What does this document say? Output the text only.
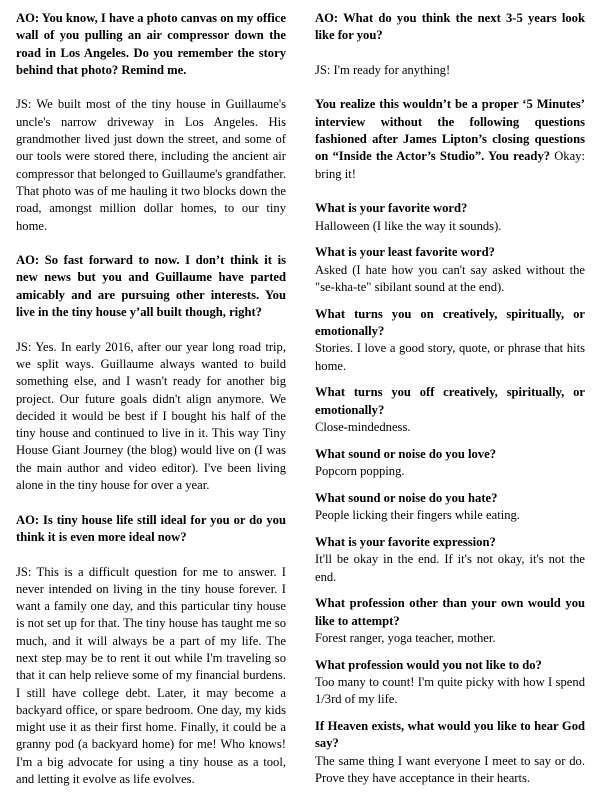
AO: You know, I have a photo canvas on my office wall of you pulling an air compressor down the road in Los Angeles. Do you remember the story behind that photo? Remind me.

JS: We built most of the tiny house in Guillaume's uncle's narrow driveway in Los Angeles. His grandmother lived just down the street, and some of our tools were stored there, including the ancient air compressor that belonged to Guillaume's grandfather. That photo was of me hauling it two blocks down the road, amongst million dollar homes, to our tiny home.

AO: So fast forward to now. I don’t think it is new news but you and Guillaume have parted amicably and are pursuing other interests. You live in the tiny house y’all built though, right?

JS: Yes. In early 2016, after our year long road trip, we split ways. Guillaume always wanted to build something else, and I wasn't ready for another big project. Our future goals didn't align anymore. We decided it would be best if I bought his half of the tiny house and continued to live in it. This way Tiny House Giant Journey (the blog) would live on (I was the main author and video editor). I've been living alone in the tiny house for over a year.

AO: Is tiny house life still ideal for you or do you think it is even more ideal now?

JS: This is a difficult question for me to answer. I never intended on living in the tiny house forever. I want a family one day, and this particular tiny house is not set up for that. The tiny house has taught me so much, and it will always be a part of my life. The next step may be to rent it out while I'm traveling so that it can help relieve some of my financial burdens. I still have college debt. Later, it may become a backyard office, or spare bedroom. One day, my kids might use it as their first home. Finally, it could be a granny pod (a backyard home) for me! Who knows! I'm a big advocate for using a tiny house as a tool, and letting it evolve as life evolves.

AO: What do you think the next 3-5 years look like for you?

JS: I'm ready for anything!

You realize this wouldn’t be a proper ‘5 Minutes’ interview without the following questions fashioned after James Lipton’s closing questions on “Inside the Actor’s Studio”. You ready? Okay: bring it!

What is your favorite word?
Halloween (I like the way it sounds).
What is your least favorite word?
Asked (I hate how you can't say asked without the "se-kha-te" sibilant sound at the end).
What turns you on creatively, spiritually, or emotionally?
Stories. I love a good story, quote, or phrase that hits home.
What turns you off creatively, spiritually, or emotionally?
Close-mindedness.
What sound or noise do you love?
Popcorn popping.
What sound or noise do you hate?
People licking their fingers while eating.
What is your favorite expression?
It'll be okay in the end. If it's not okay, it's not the end.
What profession other than your own would you like to attempt?
Forest ranger, yoga teacher, mother.
What profession would you not like to do?
Too many to count! I'm quite picky with how I spend 1/3rd of my life.
If Heaven exists, what would you like to hear God say?
The same thing I want everyone I meet to say or do. Prove they have acceptance in their hearts.
